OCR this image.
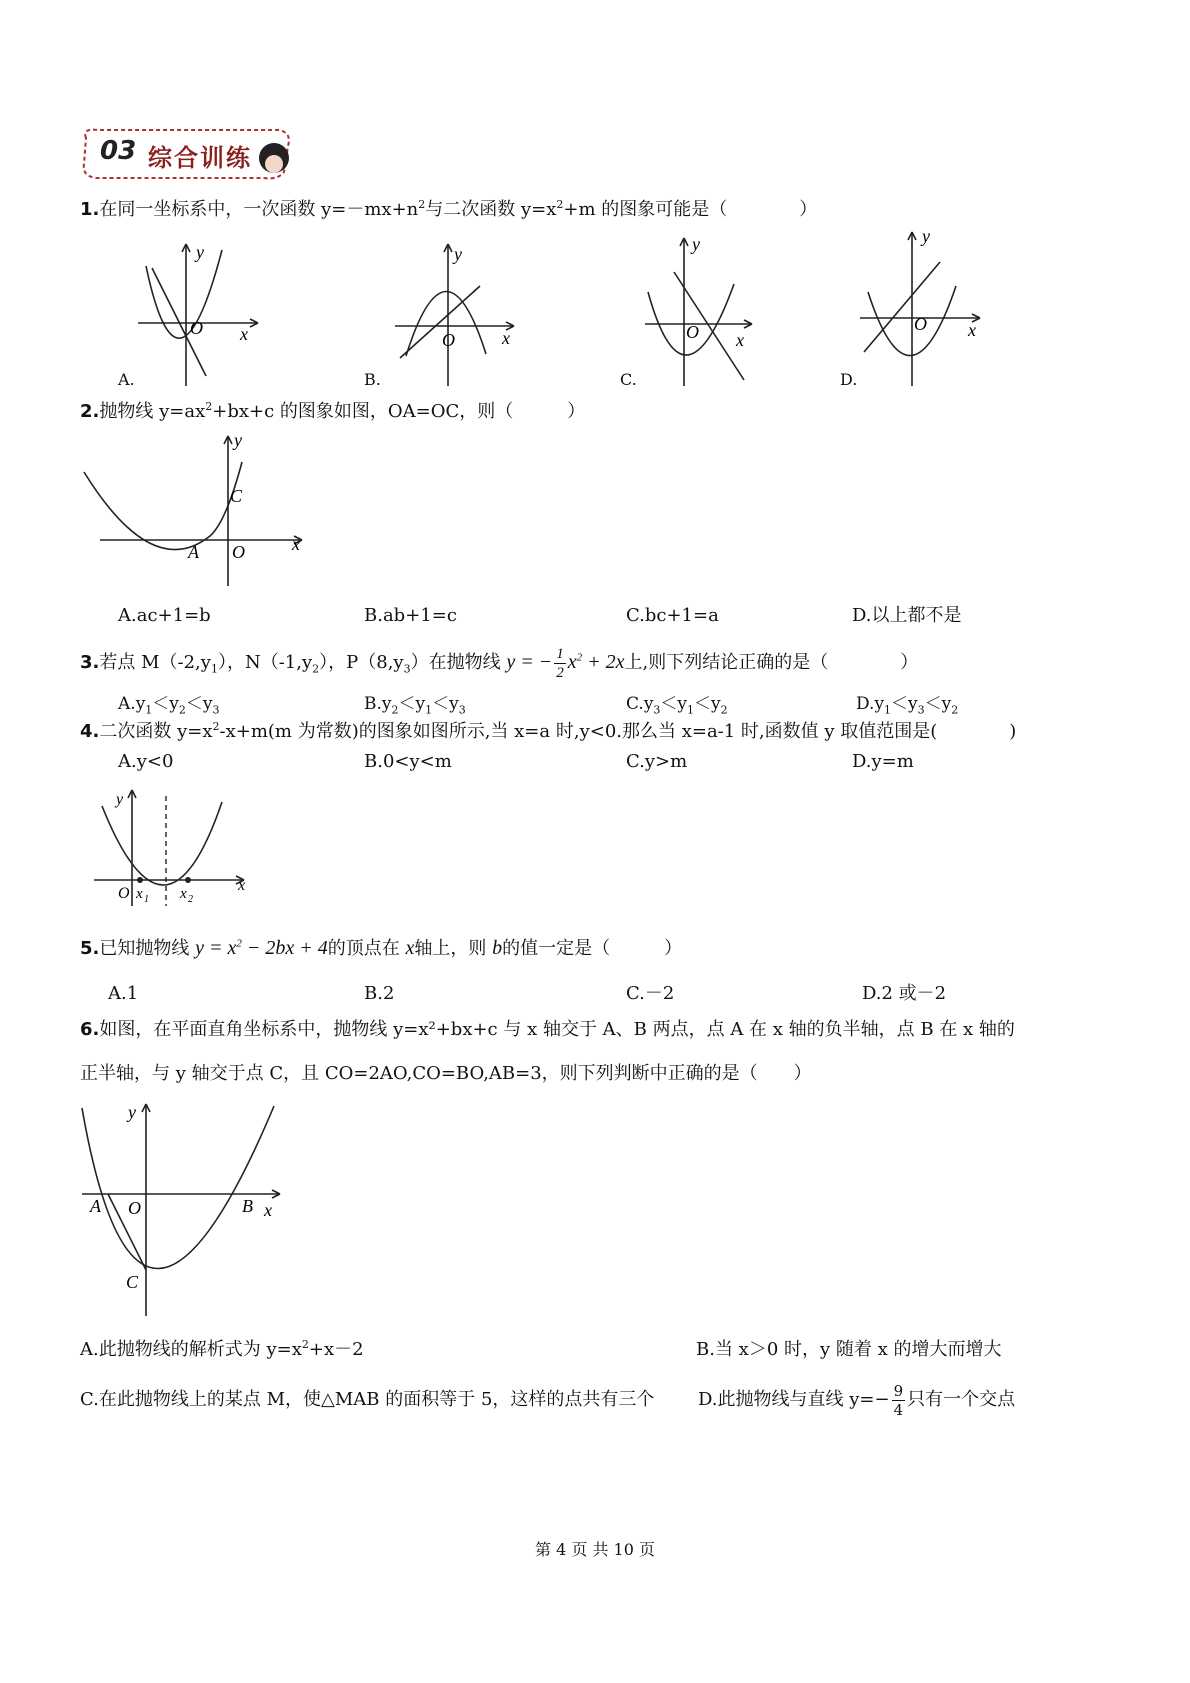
03 综合训练
1.在同一坐标系中，一次函数 $y=-mx+n^2$与二次函数 $y=x^2+m$ 的图象可能是（　　　　）
y
x
O
A.
y
x
O
B.
y
x
O
C.
y
x
O
D.
2.抛物线 $y=ax^2+bx+c$ 的图象如图，OA=OC，则（　　　）
y
x
C
O
A
A.ac+1=b	B.ab+1=c	C.bc+1=a	D.以上都不是
3.若点 $M(-2,y_1)$，$N(-1,y_2)$，$P(8,y_3)$在抛物线 y = − $\frac{1}{2} x^2 + 2x$上,则下列结论正确的是（　　　　）
$A.y_1<y_2<y_3$	$B.y_2<y_1<y_3$	$C.y_3<y_1<y_2$	$D.y_1<y_3<y_2$
4.二次函数 $y=x^2-x+m(m$ 为常数)的图象如图所示,当 x=a 时,y<0.那么当 x=a-1 时,函数值 y 取值范围是(　　　　)
A.y<0	B.0<y<m	C.y>m	D.y=m
y
x
O x 1 x 2
5.已知抛物线 $y = x^2 - 2bx + 4$的顶点在 x轴上，则 b的值一定是（　　　）
A.1	B.2	C.－2	D.2 或－2
6.如图，在平面直角坐标系中，抛物线 y=x²+bx+c 与 x 轴交于 A、B 两点，点 A 在 x 轴的负半轴，点 B 在 x 轴的
正半轴，与 y 轴交于点 C，且 CO=2AO,CO=BO,AB=3，则下列判断中正确的是（　　）
y
x
A O	B
C
A.此抛物线的解析式为 $y=x^2+x-2$	B.当 x＞0 时，y 随着 x 的增大而增大
C.在此抛物线上的某点 M，使△MAB 的面积等于 5，这样的点共有三个 D.此抛物线与直线 $y=- \frac{9}{4}$ 只有一个交点
第 4 页 共 10 页
